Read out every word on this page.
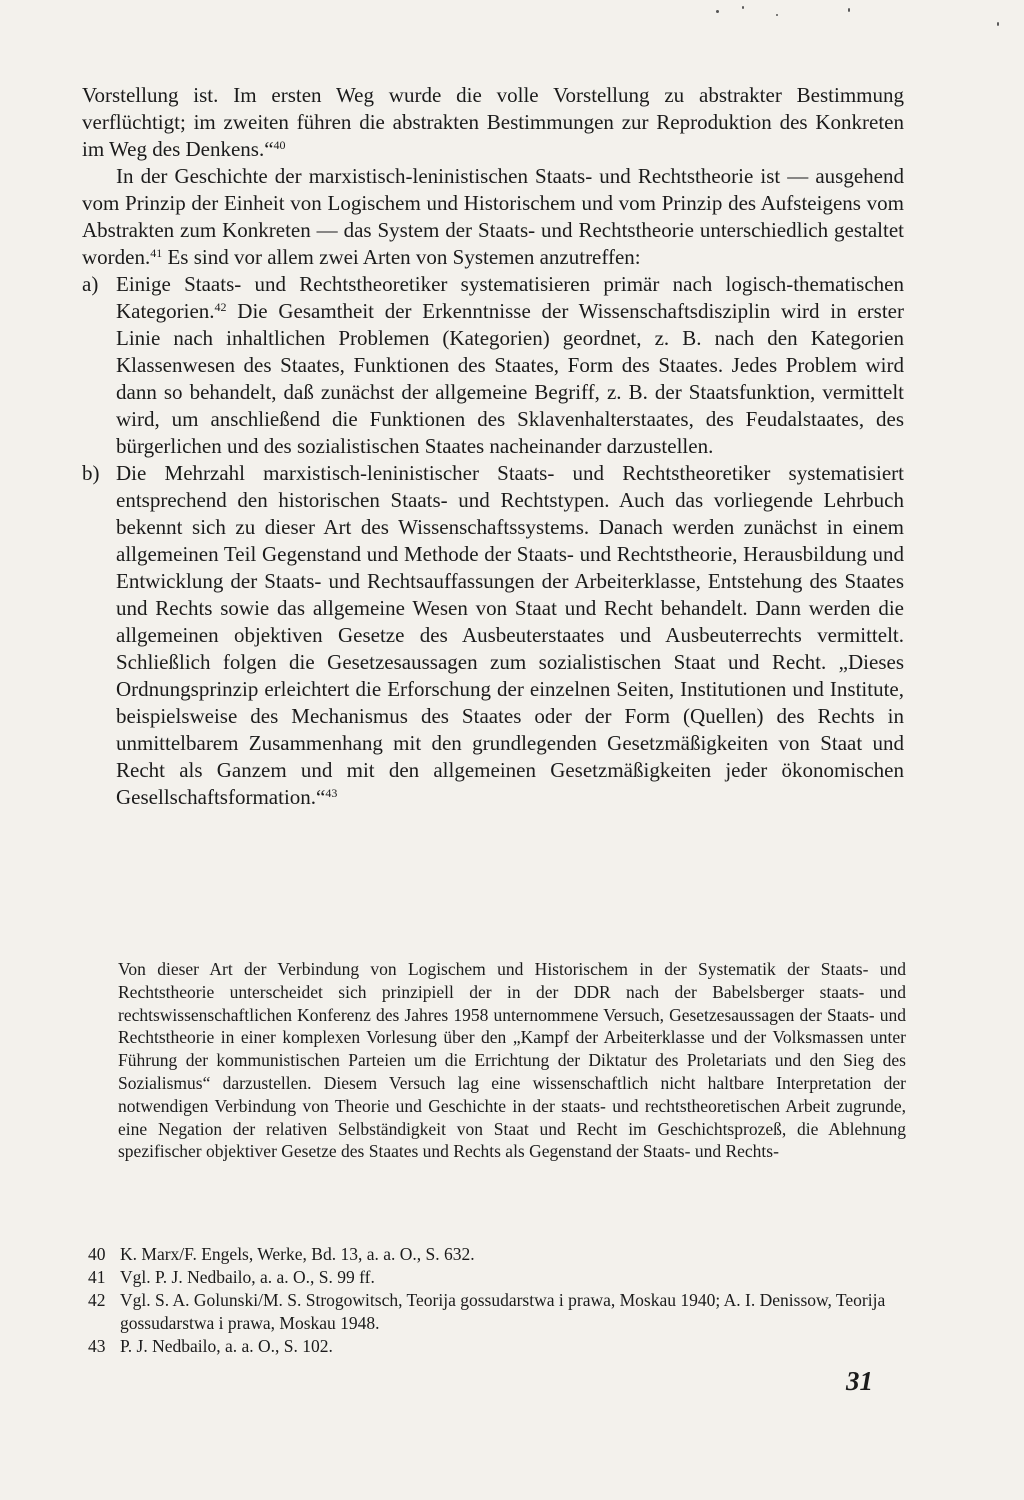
Vorstellung ist. Im ersten Weg wurde die volle Vorstellung zu abstrakter Bestimmung verflüchtigt; im zweiten führen die abstrakten Bestimmungen zur Reproduktion des Konkreten im Weg des Denkens.“$^{40}$

In der Geschichte der marxistisch-leninistischen Staats- und Rechtstheorie ist — ausgehend vom Prinzip der Einheit von Logischem und Historischem und vom Prinzip des Aufsteigens vom Abstrakten zum Konkreten — das System der Staats- und Rechtstheorie unterschiedlich gestaltet worden.$^{41}$ Es sind vor allem zwei Arten von Systemen anzutreffen:

a) Einige Staats- und Rechtstheoretiker systematisieren primär nach logisch-thematischen Kategorien.$^{42}$ Die Gesamtheit der Erkenntnisse der Wissenschaftsdisziplin wird in erster Linie nach inhaltlichen Problemen (Kategorien) geordnet, z. B. nach den Kategorien Klassenwesen des Staates, Funktionen des Staates, Form des Staates. Jedes Problem wird dann so behandelt, daß zunächst der allgemeine Begriff, z. B. der Staatsfunktion, vermittelt wird, um anschließend die Funktionen des Sklavenhalterstaates, des Feudalstaates, des bürgerlichen und des sozialistischen Staates nacheinander darzustellen.
b) Die Mehrzahl marxistisch-leninistischer Staats- und Rechtstheoretiker systematisiert entsprechend den historischen Staats- und Rechtstypen. Auch das vorliegende Lehrbuch bekennt sich zu dieser Art des Wissenschaftssystems. Danach werden zunächst in einem allgemeinen Teil Gegenstand und Methode der Staats- und Rechtstheorie, Herausbildung und Entwicklung der Staats- und Rechtsauffassungen der Arbeiterklasse, Entstehung des Staates und Rechts sowie das allgemeine Wesen von Staat und Recht behandelt. Dann werden die allgemeinen objektiven Gesetze des Ausbeuterstaates und Ausbeuterrechts vermittelt. Schließlich folgen die Gesetzesaussagen zum sozialistischen Staat und Recht. „Dieses Ordnungsprinzip erleichtert die Erforschung der einzelnen Seiten, Institutionen und Institute, beispielsweise des Mechanismus des Staates oder der Form (Quellen) des Rechts in unmittelbarem Zusammenhang mit den grundlegenden Gesetzmäßigkeiten von Staat und Recht als Ganzem und mit den allgemeinen Gesetzmäßigkeiten jeder ökonomischen Gesellschaftsformation.“$^{43}$
Von dieser Art der Verbindung von Logischem und Historischem in der Systematik der Staats- und Rechtstheorie unterscheidet sich prinzipiell der in der DDR nach der Babelsberger staats- und rechtswissenschaftlichen Konferenz des Jahres 1958 unternommene Versuch, Gesetzesaussagen der Staats- und Rechtstheorie in einer komplexen Vorlesung über den „Kampf der Arbeiterklasse und der Volksmassen unter Führung der kommunistischen Parteien um die Errichtung der Diktatur des Proletariats und den Sieg des Sozialismus“ darzustellen. Diesem Versuch lag eine wissenschaftlich nicht haltbare Interpretation der notwendigen Verbindung von Theorie und Geschichte in der staats- und rechtstheoretischen Arbeit zugrunde, eine Negation der relativen Selbständigkeit von Staat und Recht im Geschichtsprozeß, die Ablehnung spezifischer objektiver Gesetze des Staates und Rechts als Gegenstand der Staats- und Rechts-
40 K. Marx/F. Engels, Werke, Bd. 13, a. a. O., S. 632.
41 Vgl. P. J. Nedbailo, a. a. O., S. 99 ff.
42 Vgl. S. A. Golunski/M. S. Strogowitsch, Teorija gossudarstwa i prawa, Moskau 1940; A. I. Denissow, Teorija gossudarstwa i prawa, Moskau 1948.
43 P. J. Nedbailo, a. a. O., S. 102.
31
